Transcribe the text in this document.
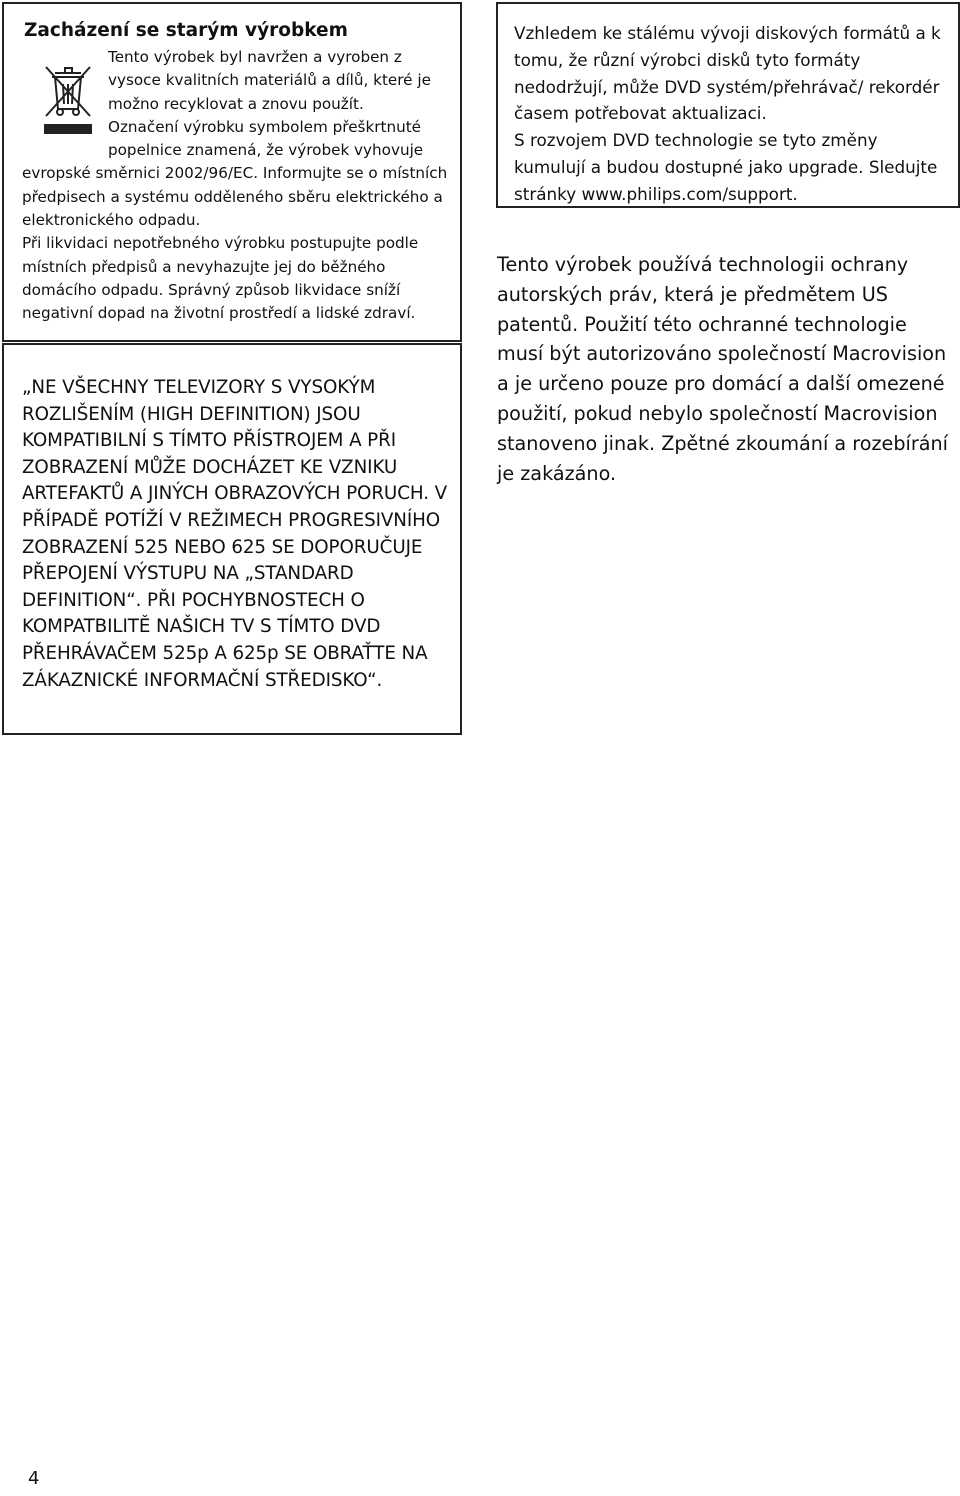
Zacházení se starým výrobkem

Tento výrobek byl navržen a vyroben z vysoce kvalitních materiálů a dílů, které je možno recyklovat a znovu použít.

Označení výrobku symbolem přeškrtnuté popelnice znamená, že výrobek vyhovuje evropské směrnici 2002/96/EC. Informujte se o místních předpisech a systému odděleného sběru elektrického a elektronického odpadu.

Při likvidaci nepotřebného výrobku postupujte podle místních předpisů a nevyhazujte jej do běžného domácího odpadu. Správný způsob likvidace sníží negativní dopad na životní prostředí a lidské zdraví.

„NE VŠECHNY TELEVIZORY S VYSOKÝM ROZLIŠENÍM (HIGH DEFINITION) JSOU KOMPATIBILNÍ S TÍMTO PŘÍSTROJEM A PŘI ZOBRAZENÍ MŮŽE DOCHÁZET KE VZNIKU ARTEFAKTŮ A JINÝCH OBRAZOVÝCH PORUCH. V PŘÍPADĚ POTÍŽÍ V REŽIMECH PROGRESIVNÍHO ZOBRAZENÍ 525 NEBO 625 SE DOPORUČUJE PŘEPOJENÍ VÝSTUPU NA „STANDARD DEFINITION“. PŘI POCHYBNOSTECH O KOMPATBILITĚ NAŠICH TV S TÍMTO DVD PŘEHRÁVAČEM 525p A 625p SE OBRAŤTE NA ZÁKAZNICKÉ INFORMAČNÍ STŘEDISKO“.

Vzhledem ke stálému vývoji diskových formátů a k tomu, že různí výrobci disků tyto formáty nedodržují, může DVD systém/přehrávač/ rekordér časem potřebovat aktualizaci.
S rozvojem DVD technologie se tyto změny kumulují a budou dostupné jako upgrade. Sledujte stránky www.philips.com/support.

Tento výrobek používá technologii ochrany autorských práv, která je předmětem US patentů. Použití této ochranné technologie musí být autorizováno společností Macrovision a je určeno pouze pro domácí a další omezené použití, pokud nebylo společností Macrovision stanoveno jinak. Zpětné zkoumání a rozebírání je zakázáno.

4
